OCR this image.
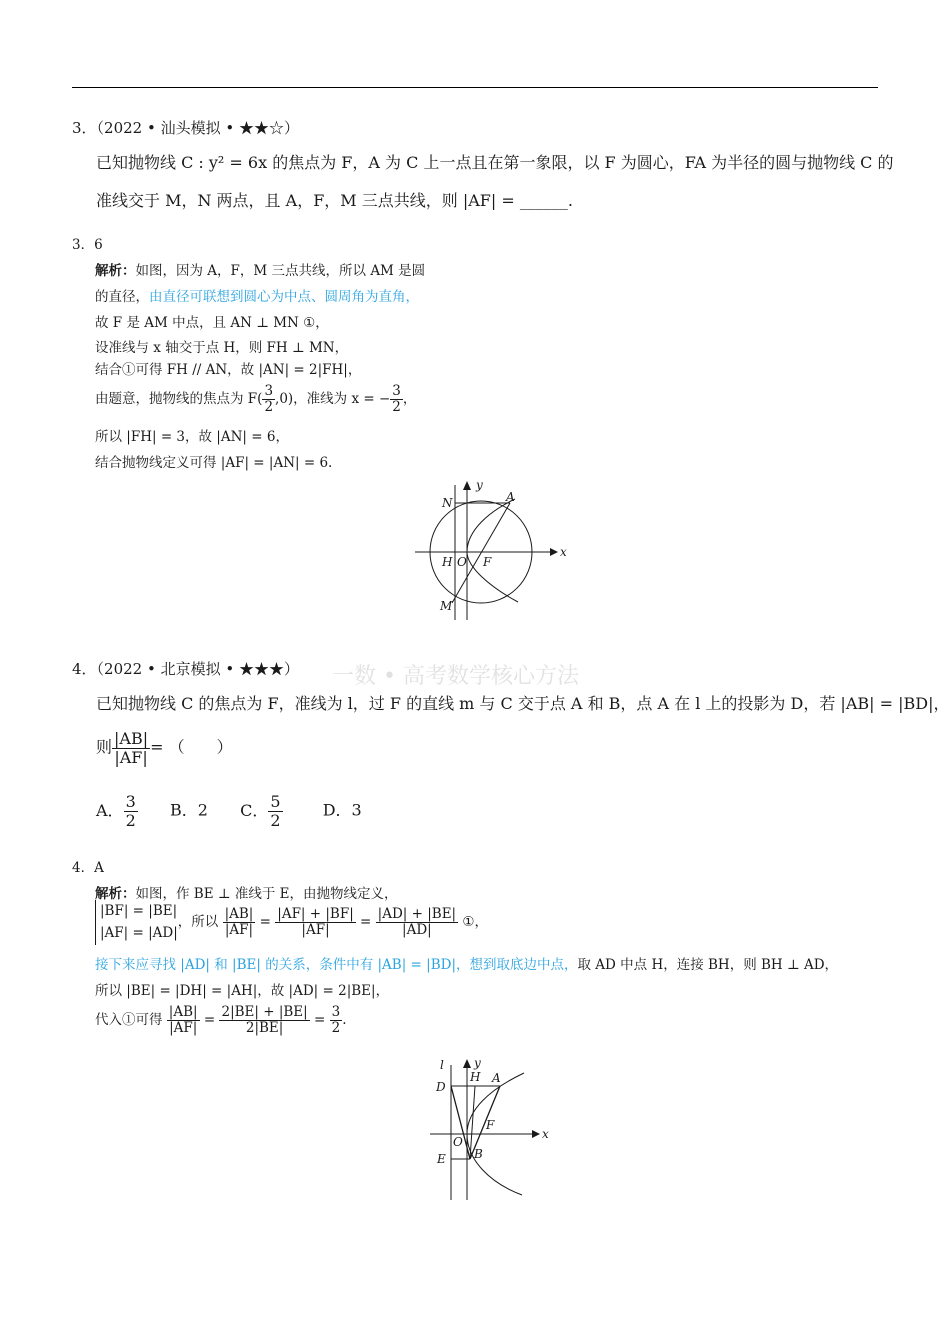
3．（2022 • 汕头模拟 • ★★☆）
已知抛物线 C : y² = 6x 的焦点为 F，A 为 C 上一点且在第一象限，以 F 为圆心，FA 为半径的圆与抛物线 C 的
准线交于 M，N 两点，且 A，F，M 三点共线，则 |AF| = ______.
3．6
解析：如图，因为 A，F，M 三点共线，所以 AM 是圆
的直径，由直径可联想到圆心为中点、圆周角为直角，
故 F 是 AM 中点，且 AN ⊥ MN ①，
设准线与 x 轴交于点 H，则 FH ⊥ MN，
结合①可得 FH // AN，故 |AN| = 2|FH|，
由题意，抛物线的焦点为 $F( \frac{3}{2} ,0)$，准线为 x = − $\frac{3}{2}$ ，
所以 |FH| = 3，故 |AN| = 6，
结合抛物线定义可得 |AF| = |AN| = 6.
y
x
N	A
H O F
M
一数 • 高考数学核心方法
4．（2022 • 北京模拟 • ★★★）
已知抛物线 C 的焦点为 F，准线为 l，过 F 的直线 m 与 C 交于点 A 和 B，点 A 在 l 上的投影为 D，若 |AB| = |BD|，
则 $\frac{|AB|}{|AF|}$ = （　　）
A． $\frac{3}{2}$ B．2 C． $\frac{5}{2}$	D．3
4．A
解析：如图，作 BE ⊥ 准线于 E，由抛物线定义，
|BF| = |BE|
|AF| = |AD|
，所以 $\frac{|AB|}{|AF|} = \frac{|AF| + |BF|}{|AF|} = \frac{|AD| + |BE|}{|AD|}$ ①，
接下来应寻找 |AD| 和 |BE| 的关系，条件中有 |AB| = |BD|，想到取底边中点，取 AD 中点 H，连接 BH，则 BH ⊥ AD，
所以 |BE| = |DH| = |AH|，故 |AD| = 2|BE|，
代入①可得 $\frac{|AB|}{|AF|} = \frac{2|BE| + |BE|}{2|BE|} = \frac{3}{2}$ .
l	y
H A
D
F
x
O
E B
